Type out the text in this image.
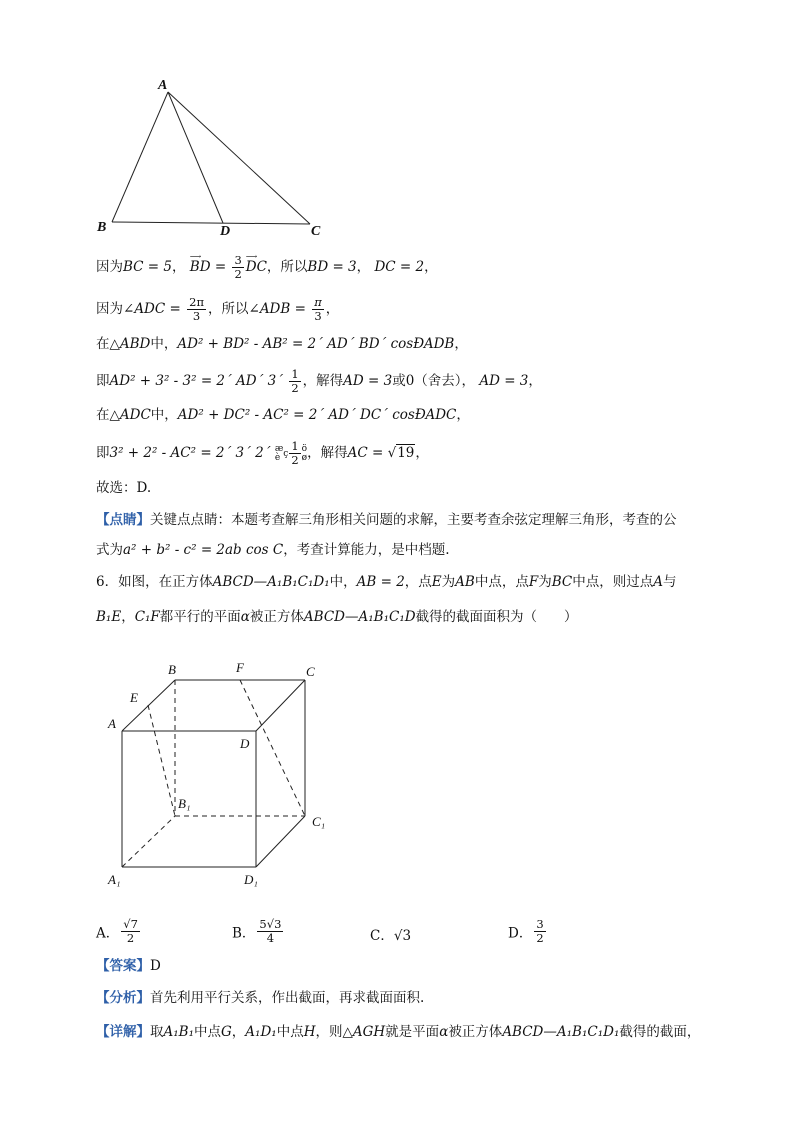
A
B	D	C
因为BC = 5，
⟶
BD = $\frac{3}{2}$ ⟶
DC，所以BD = 3， DC = 2，
因为∠ADC = $\frac{2\pi}{3}$ ，所以∠ADB = $\frac{\pi}{3}$ ，
在△ABD中，AD² + BD² - AB² = 2´ AD´ BD´ cosÐADB，
即AD² + 3² - 3² = 2´ AD´ 3´ $\frac{1}{2}$ ，解得AD = 3或0（舍去）， AD = 3，
在△ADC中，AD² + DC² - AC² = 2´ AD´ DC´ cosÐADC，
即3² + 2² - AC² = 2´ 3´ 2´ æ
è ç $\frac{1}{2}$ ö
ø，解得AC = √19，
故选：D.
【点睛】关键点点睛：本题考查解三角形相关问题的求解，主要考查余弦定理解三角形，考查的公
式为a² + b² - c² = 2ab cos C，考查计算能力，是中档题.
6．如图，在正方体ABCD—A₁B₁C₁D₁中，AB = 2，点E为AB中点，点F为BC中点，则过点A与
B₁E，C₁F都平行的平面α被正方体ABCD—A₁B₁C₁D截得的截面面积为（　　）
B	F	C
E
A
D
B₁
C₁
A₁	D₁
A． $\frac{√7}{2}$	B． $\frac{5√3}{4}$	C．√3	D． $\frac{3}{2}$
【答案】D
【分析】首先利用平行关系，作出截面，再求截面面积.
【详解】取A₁B₁中点G，A₁D₁中点H，则△AGH就是平面α被正方体ABCD—A₁B₁C₁D₁截得的截面，
